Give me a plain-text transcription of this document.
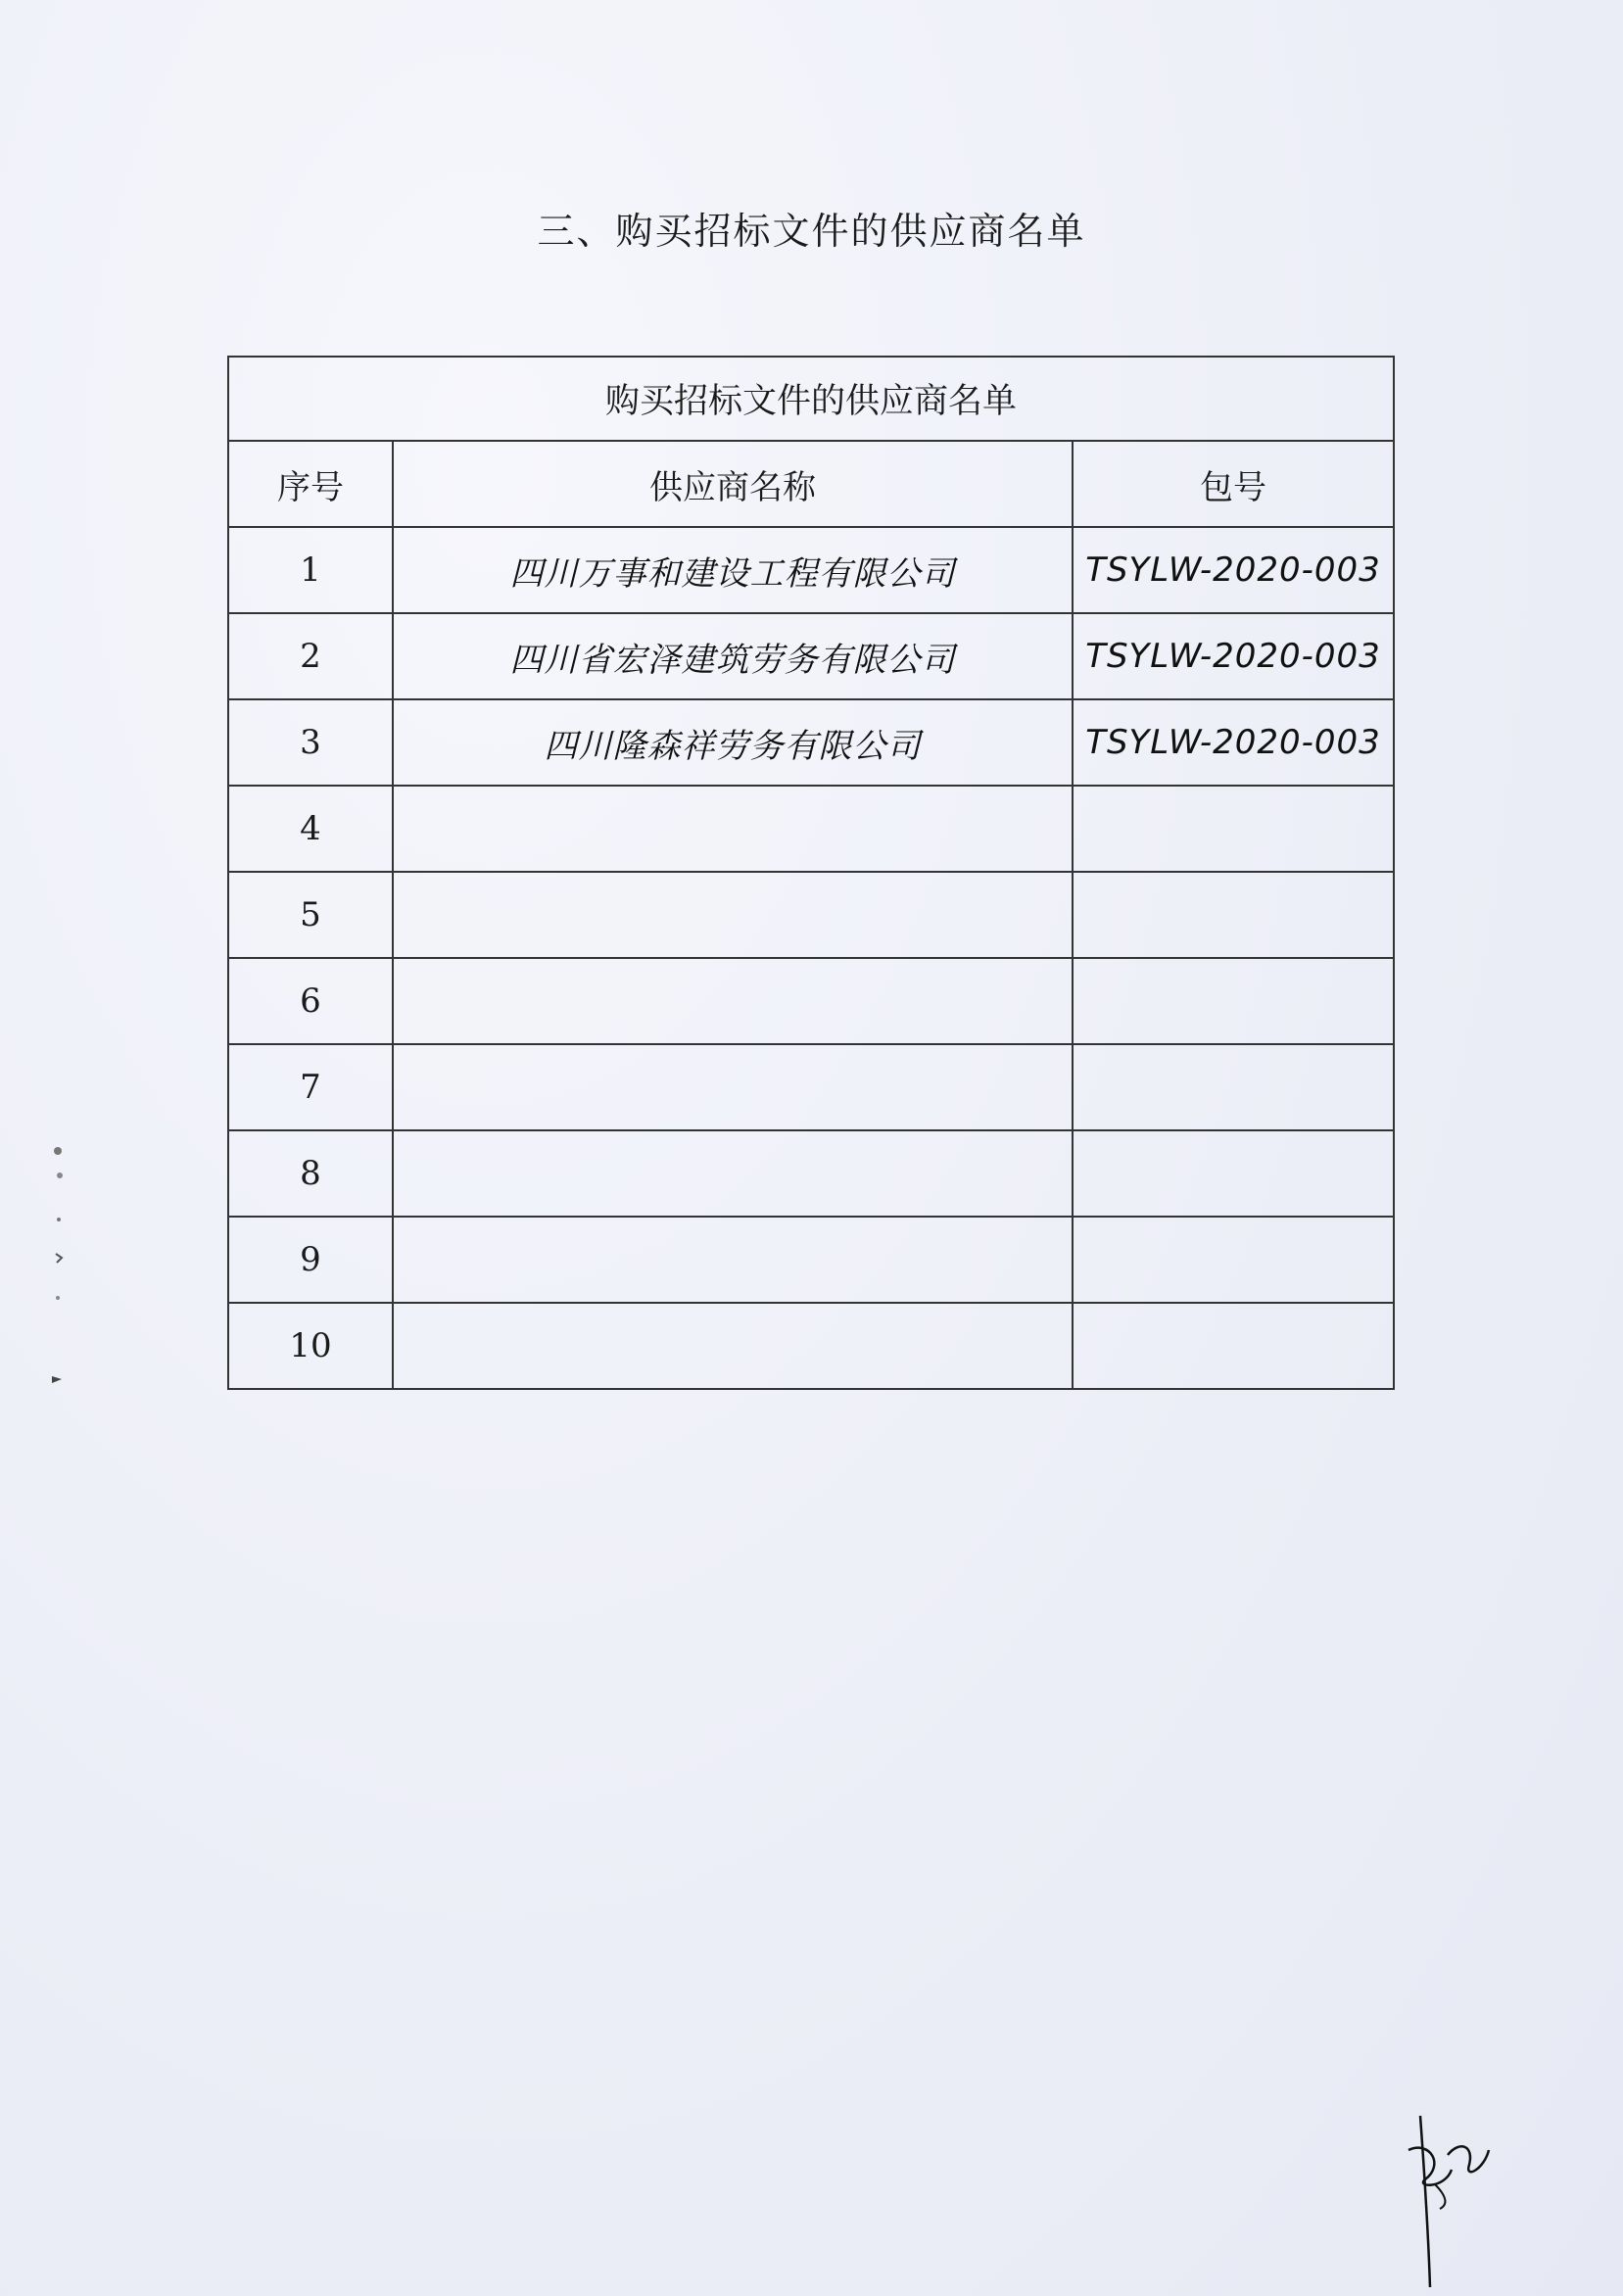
三、购买招标文件的供应商名单
购买招标文件的供应商名单		
序号	供应商名称	包号
1	四川万事和建设工程有限公司	TSYLW-2020-003
2	四川省宏泽建筑劳务有限公司	TSYLW-2020-003
3	四川隆森祥劳务有限公司	TSYLW-2020-003
4		
5		
6		
7		
8		
9		
10		
